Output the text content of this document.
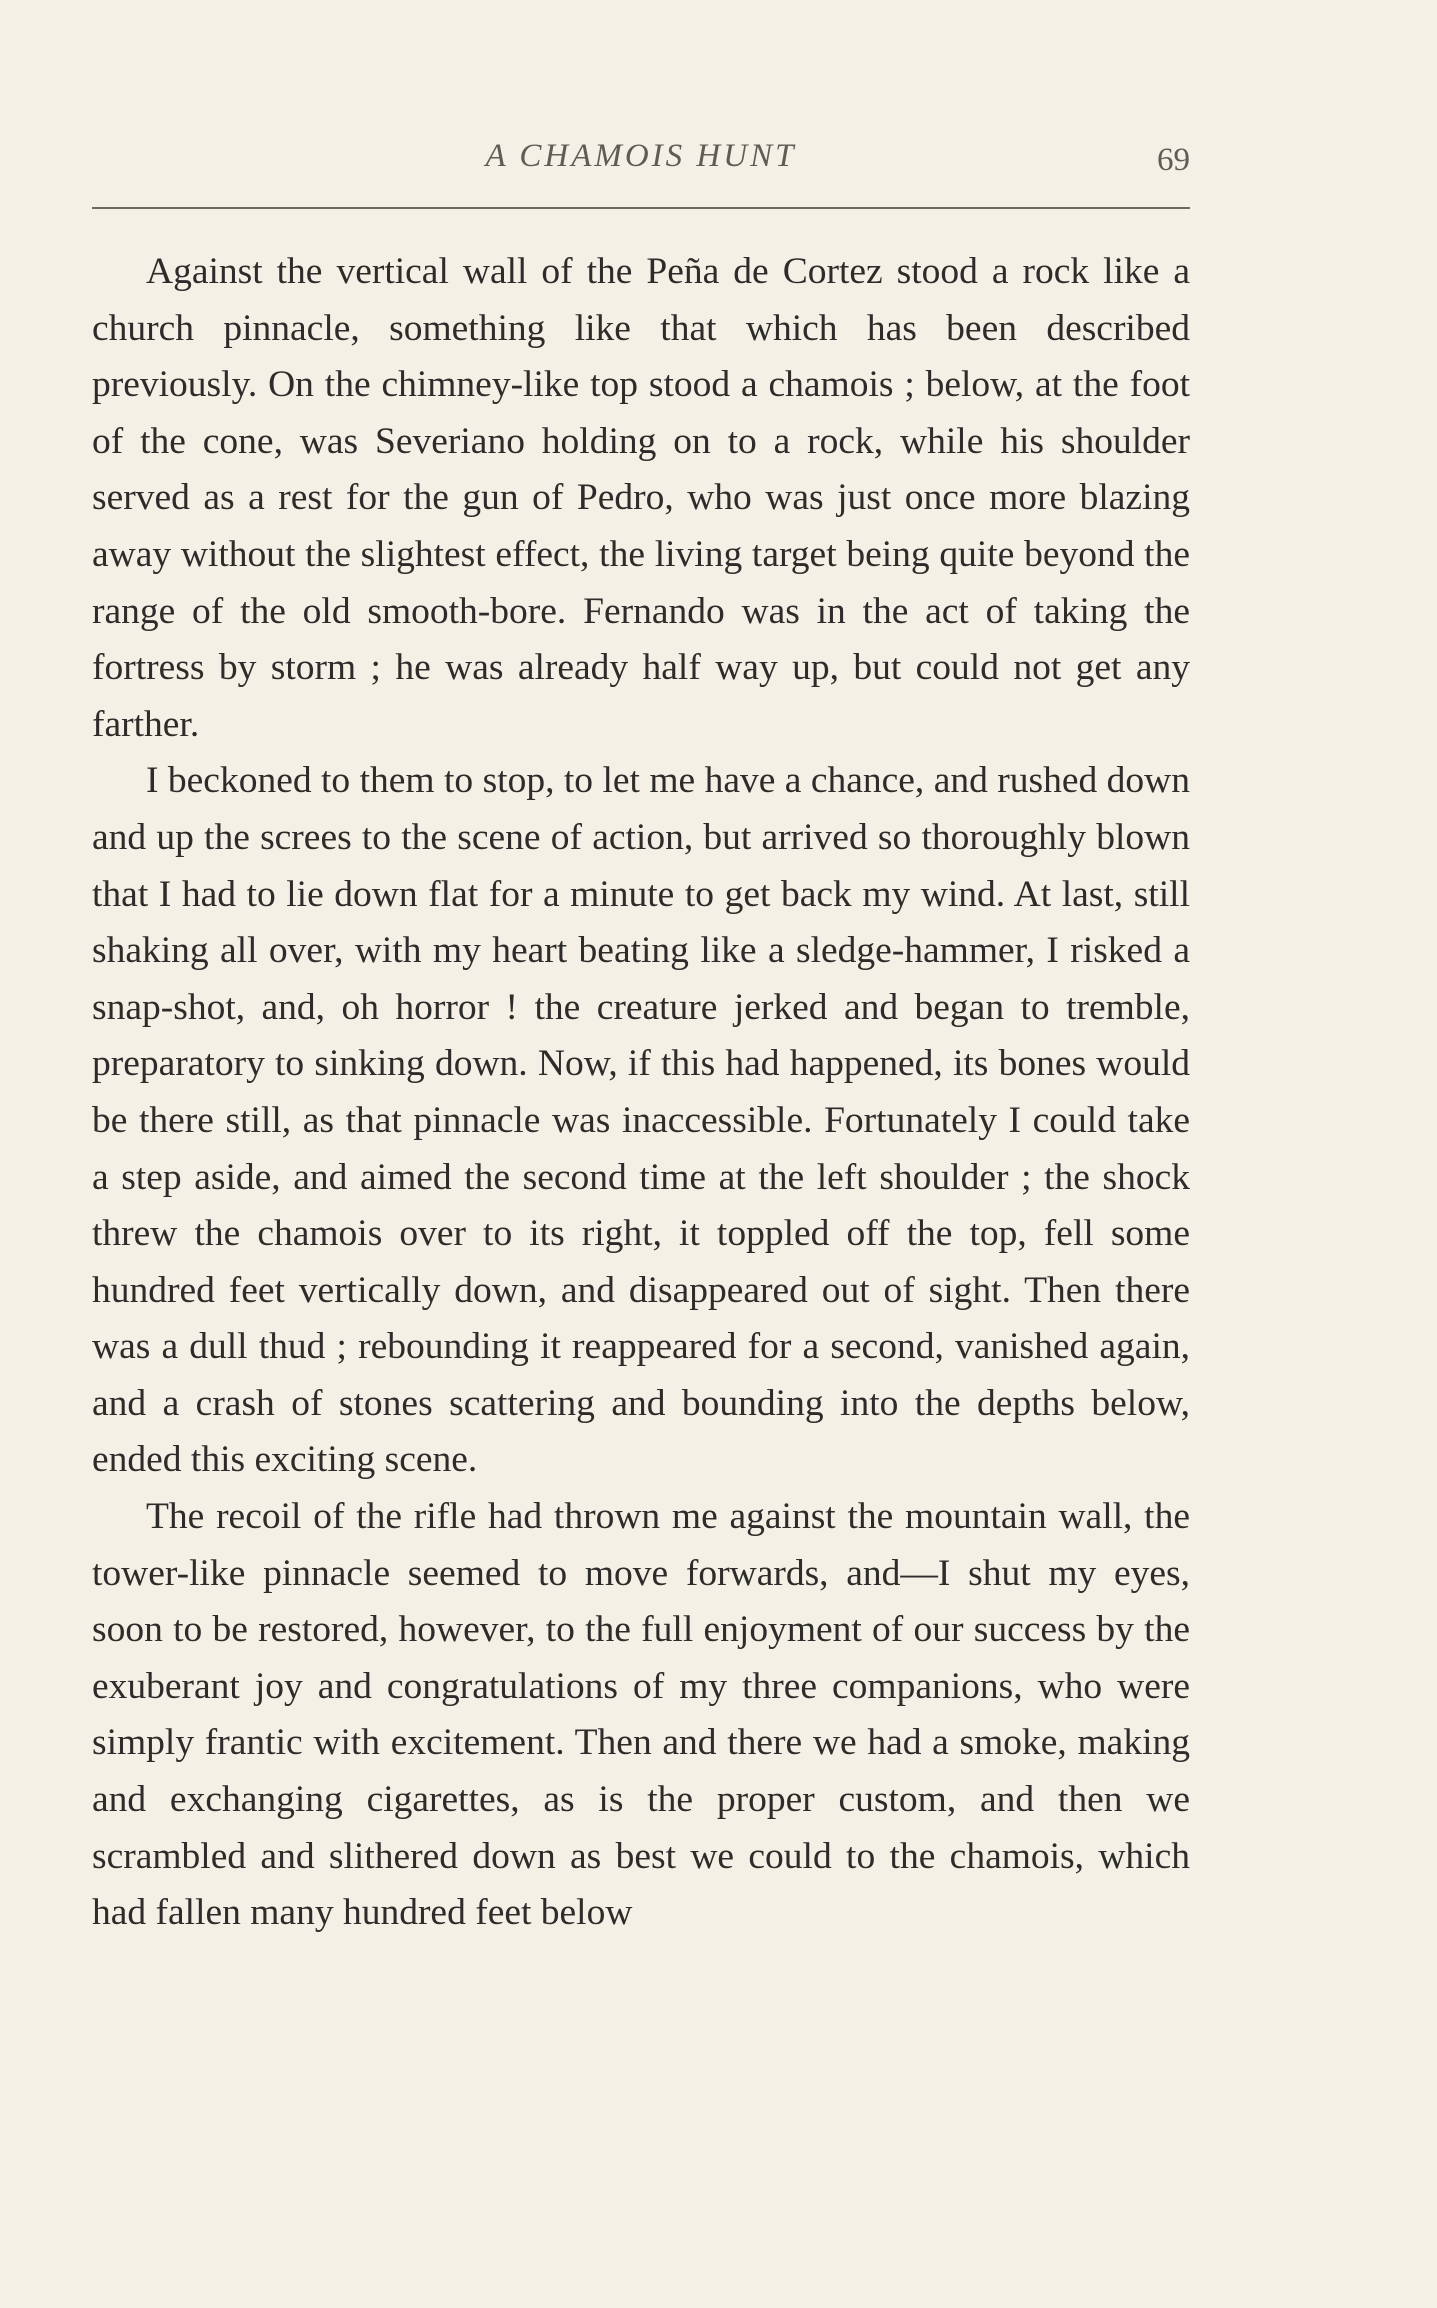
A CHAMOIS HUNT	69

Against the vertical wall of the Peña de Cortez stood a rock like a church pinnacle, something like that which has been described previously. On the chimney-like top stood a chamois ; below, at the foot of the cone, was Severiano holding on to a rock, while his shoulder served as a rest for the gun of Pedro, who was just once more blazing away without the slightest effect, the living target being quite beyond the range of the old smooth-bore. Fernando was in the act of taking the fortress by storm ; he was already half way up, but could not get any farther.

I beckoned to them to stop, to let me have a chance, and rushed down and up the screes to the scene of action, but arrived so thoroughly blown that I had to lie down flat for a minute to get back my wind. At last, still shaking all over, with my heart beating like a sledge-hammer, I risked a snap-shot, and, oh horror ! the creature jerked and began to tremble, preparatory to sinking down. Now, if this had happened, its bones would be there still, as that pinnacle was inaccessible. Fortunately I could take a step aside, and aimed the second time at the left shoulder ; the shock threw the chamois over to its right, it toppled off the top, fell some hundred feet vertically down, and disappeared out of sight. Then there was a dull thud ; rebounding it reappeared for a second, vanished again, and a crash of stones scattering and bounding into the depths below, ended this exciting scene.

The recoil of the rifle had thrown me against the mountain wall, the tower-like pinnacle seemed to move forwards, and—I shut my eyes, soon to be restored, however, to the full enjoyment of our success by the exuberant joy and congratulations of my three companions, who were simply frantic with excitement. Then and there we had a smoke, making and exchanging cigarettes, as is the proper custom, and then we scrambled and slithered down as best we could to the chamois, which had fallen many hundred feet below
